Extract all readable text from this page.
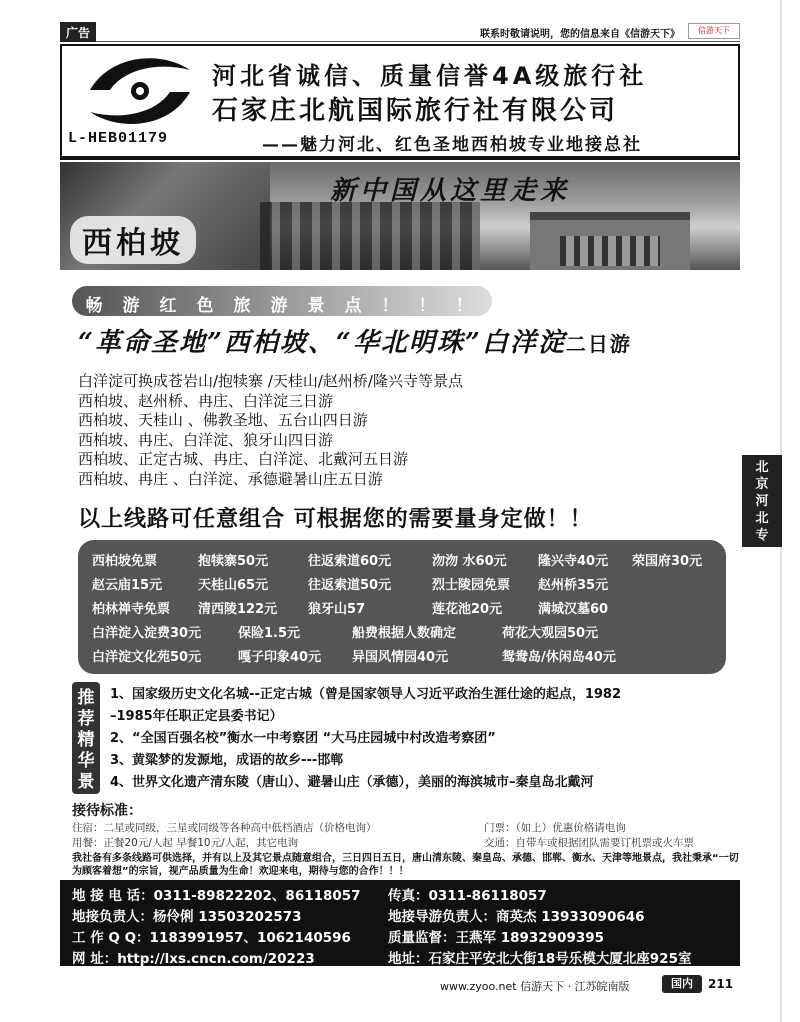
广告	联系时敬请说明，您的信息来自《信游天下》	信游天下
L-HEB01179
河北省诚信、质量信誉4A级旅行社
石家庄北航国际旅行社有限公司
——魅力河北、红色圣地西柏坡专业地接总社
新中国从这里走来
西柏坡
畅	游	红	色	旅	游	景	点	！	！	！
“革命圣地”西柏坡、“华北明珠”白洋淀二日游
白洋淀可换成苍岩山/抱犊寨 /天桂山/赵州桥/隆兴寺等景点
西柏坡、赵州桥、冉庄、白洋淀三日游
西柏坡、天桂山 、佛教圣地、五台山四日游
西柏坡、冉庄、白洋淀、狼牙山四日游
西柏坡、正定古城、冉庄、白洋淀、北戴河五日游
西柏坡、冉庄 、白洋淀、承德避暑山庄五日游
以上线路可任意组合 可根据您的需要量身定做！！
西柏坡免票	抱犊寨50元	往返索道60元	沕沕 水60元 隆兴寺40元 荣国府30元
赵云庙15元	天桂山65元	往返索道50元	烈士陵园免票 赵州桥35元
柏林禅寺免票 清西陵122元 狼牙山57	莲花池20元	满城汉墓60
白洋淀入淀费30元	保险1.5元	船费根据人数确定	荷花大观园50元
白洋淀文化苑50元	嘎子印象40元 异国风情园40元	鸳鸯岛/休闲岛40元
推
荐
精
华
景
1、国家级历史文化名城--正定古城（曾是国家领导人习近平政治生涯仕途的起点，1982
–1985年任职正定县委书记）
2、“全国百强名校”衡水一中考察团 “大马庄园城中村改造考察团”
3、黄粱梦的发源地，成语的故乡---邯郸
4、世界文化遗产清东陵（唐山）、避暑山庄（承德），美丽的海滨城市–秦皇岛北戴河
接待标准：
住宿：二星或同级，三星或同级等各种高中低档酒店（价格电询）
用餐：正餐20元/人起 早餐10元/人起，其它电询
门票：（如上）优惠价格请电询
交通：自带车或根据团队需要订机票或火车票
我社备有多条线路可供选择，并有以上及其它景点随意组合，三日四日五日，唐山清东陵、秦皇岛、承德、邯郸、衡水、天津等地景点，我社秉承“一切为顾客着想”的宗旨，视产品质量为生命！欢迎来电，期待与您的合作！！！
地 接 电 话：0311-89822202、86118057 传真：0311-86118057
地接负责人：杨伶俐 13503202573	地接导游负责人：商英杰 13933090646
工 作 Q Q：1183991957、1062140596	质量监督：王燕军 18932909395
网 址：http://lxs.cncn.com/20223	地址：石家庄平安北大街18号乐模大厦北座925室
www.zyoo.net 信游天下 · 江苏皖南版	国内	211
北
京
河
北
专
